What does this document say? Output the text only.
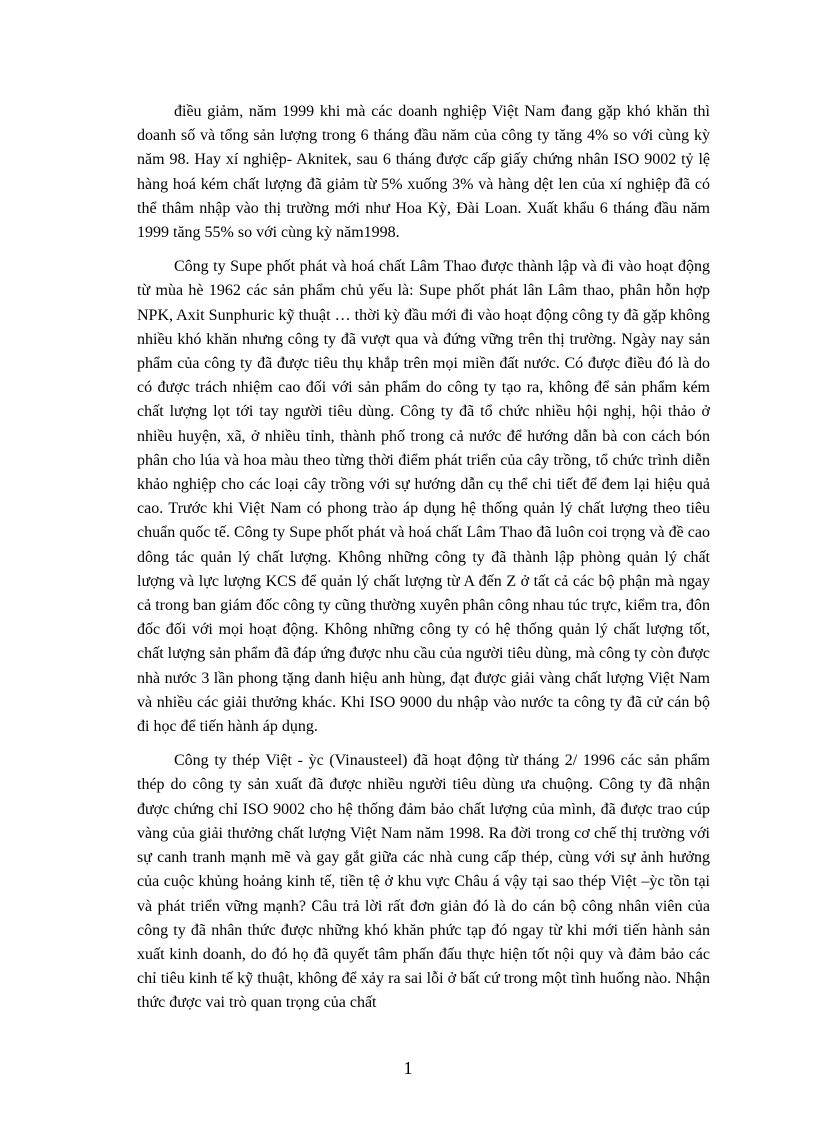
điều giảm, năm 1999 khi mà các doanh nghiệp Việt Nam đang gặp khó khăn thì doanh số và tổng sản lượng trong 6 tháng đầu năm của công ty tăng 4% so với cùng kỳ năm 98. Hay xí nghiệp- Aknitek, sau 6 tháng được cấp giấy chứng nhân ISO 9002 tỷ lệ hàng hoá kém chất lượng đã giảm từ 5% xuống 3% và hàng dệt len của xí nghiệp đã có thể thâm nhập vào thị trường mới như Hoa Kỳ, Đài Loan. Xuất khẩu 6 tháng đầu năm 1999 tăng 55% so với cùng kỳ năm1998.

Công ty Supe phốt phát và hoá chất Lâm Thao được thành lập và đi vào hoạt động từ mùa hè 1962 các sản phẩm chủ yếu là: Supe phốt phát lân Lâm thao, phân hỗn hợp NPK, Axit Sunphuric kỹ thuật … thời kỳ đầu mới đi vào hoạt động công ty đã gặp không nhiều khó khăn nhưng công ty đã vượt qua và đứng vững trên thị trường. Ngày nay sản phẩm của công ty đã được tiêu thụ khắp trên mọi miền đất nước. Có được điều đó là do có được trách nhiệm cao đối với sản phẩm do công ty tạo ra, không để sản phẩm kém chất lượng lọt tới tay người tiêu dùng. Công ty đã tổ chức nhiều hội nghị, hội thảo ở nhiều huyện, xã, ở nhiều tỉnh, thành phố trong cả nước để hướng dẫn bà con cách bón phân cho lúa và hoa màu theo từng thời điểm phát triển của cây trồng, tổ chức trình diễn khảo nghiệp cho các loại cây trồng với sự hướng dẫn cụ thể chi tiết để đem lại hiệu quả cao. Trước khi Việt Nam có phong trào áp dụng hệ thống quản lý chất lượng theo tiêu chuẩn quốc tế. Công ty Supe phốt phát và hoá chất Lâm Thao đã luôn coi trọng và đề cao dông tác quản lý chất lượng. Không những công ty đã thành lập phòng quản lý chất lượng và lực lượng KCS để quản lý chất lượng từ A đến Z ở tất cả các bộ phận mà ngay cả trong ban giám đốc công ty cũng thường xuyên phân công nhau túc trực, kiểm tra, đôn đốc đối với mọi hoạt động. Không những công ty có hệ thống quản lý chất lượng tốt, chất lượng sản phẩm đã đáp ứng được nhu cầu của người tiêu dùng, mà công ty còn được nhà nước 3 lần phong tặng danh hiệu anh hùng, đạt được giải vàng chất lượng Việt Nam và nhiều các giải thưởng khác. Khi ISO 9000 du nhập vào nước ta công ty đã cử cán bộ đi học để tiến hành áp dụng.

Công ty thép Việt - ỳc (Vinausteel) đã hoạt động từ tháng 2/ 1996 các sản phẩm thép do công ty sản xuất đã được nhiều người tiêu dùng ưa chuộng. Công ty đã nhận được chứng chỉ ISO 9002 cho hệ thống đảm bảo chất lượng của mình, đã được trao cúp vàng của giải thưởng chất lượng Việt Nam năm 1998. Ra đời trong cơ chế thị trường với sự canh tranh mạnh mẽ và gay gắt giữa các nhà cung cấp thép, cùng với sự ảnh hưởng của cuộc khủng hoảng kinh tế, tiền tệ ở khu vực Châu á vậy tại sao thép Việt –ỳc tồn tại và phát triển vững mạnh? Câu trả lời rất đơn giản đó là do cán bộ công nhân viên của công ty đã nhân thức được những khó khăn phức tạp đó ngay từ khi mới tiến hành sản xuất kinh doanh, do đó họ đã quyết tâm phấn đấu thực hiện tốt nội quy và đảm bảo các chỉ tiêu kinh tế kỹ thuật, không để xảy ra sai lỗi ở bất cứ trong một tình huống nào. Nhận thức được vai trò quan trọng của chất

1
